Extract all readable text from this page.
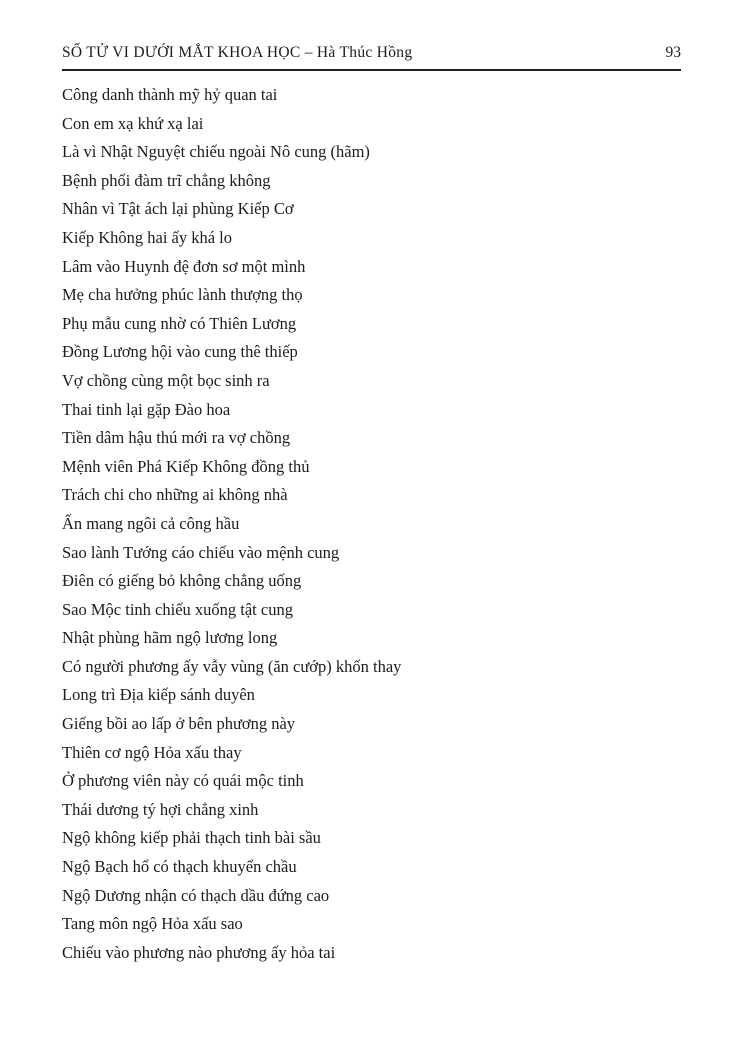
SỐ TỬ VI DƯỚI MẮT KHOA HỌC – Hà Thúc Hồng	93

Công danh thành mỹ hỷ quan tai

Con em xạ khứ xạ lai

Là vì Nhật Nguyệt chiếu ngoài Nô cung (hãm)

Bệnh phổi đàm trĩ chẳng không

Nhân vì Tật ách lại phùng Kiếp Cơ

Kiếp Không hai ấy khá lo

Lâm vào Huynh đệ đơn sơ một mình

Mẹ cha hưởng phúc lành thượng thọ

Phụ mẫu cung nhờ có Thiên Lương

Đồng Lương hội vào cung thê thiếp

Vợ chồng cùng một bọc sinh ra

Thai tinh lại gặp Đào hoa

Tiền dâm hậu thú mới ra vợ chồng

Mệnh viên Phá Kiếp Không đồng thủ

Trách chi cho những ai không nhà

Ấn mang ngôi cả công hầu

Sao lành Tướng cáo chiếu vào mệnh cung

Điên có giếng bỏ không chẳng uống

Sao Mộc tinh chiếu xuống tật cung

Nhật phùng hãm ngộ lương long

Có người phương ấy vẫy vùng (ăn cướp) khốn thay

Long trì Địa kiếp sánh duyên

Giếng bồi ao lấp ở bên phương này

Thiên cơ ngộ Hỏa xấu thay

Ở phương viên này có quái mộc tinh

Thái dương tý hợi chẳng xinh

Ngộ không kiếp phải thạch tinh bài sầu

Ngộ Bạch hổ có thạch khuyển chầu

Ngộ Dương nhận có thạch dầu đứng cao

Tang môn ngộ Hỏa xấu sao

Chiếu vào phương nào phương ấy hỏa tai
